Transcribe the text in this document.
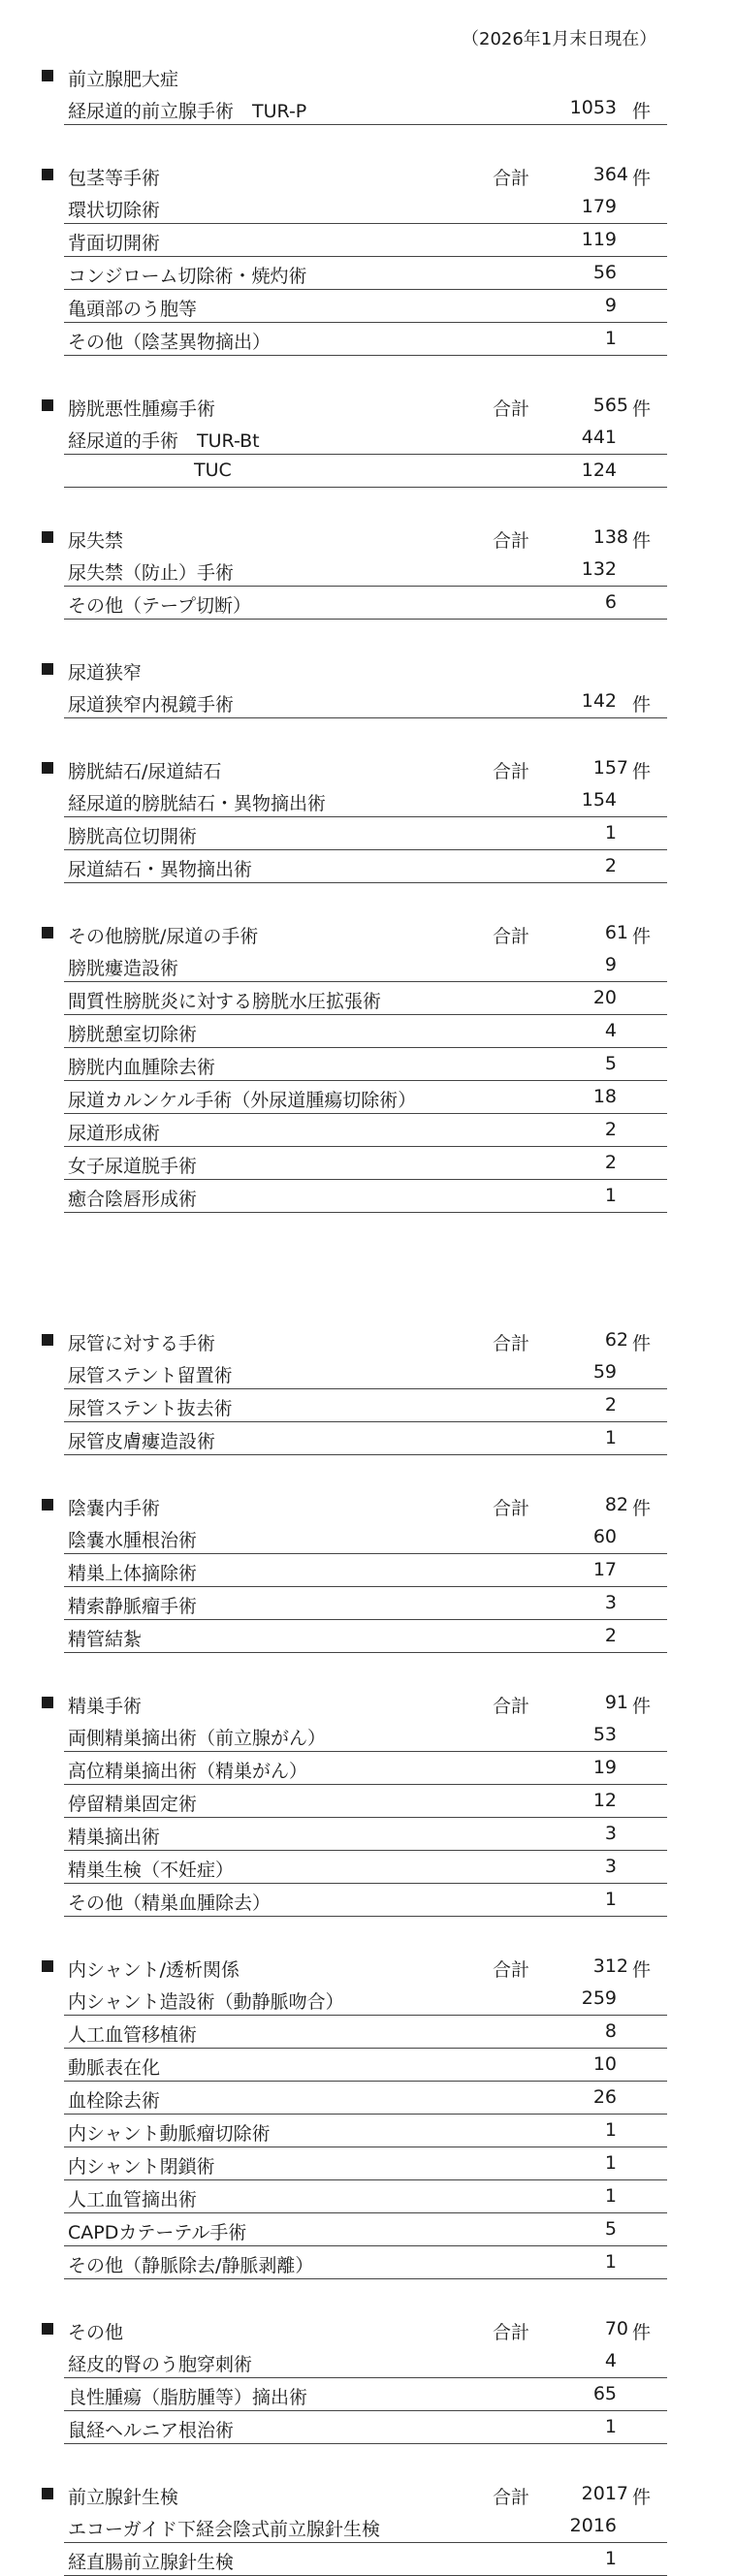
（2026年1月末日現在）
前立腺肥大症
経尿道的前立腺手術　TUR-P	1053 件
包茎等手術	合計	364 件
環状切除術	179
背面切開術	119
コンジローム切除術・焼灼術	56
亀頭部のう胞等	9
その他（陰茎異物摘出）	1
膀胱悪性腫瘍手術	合計	565 件
経尿道的手術　TUR-Bt	441
TUC	124
尿失禁	合計	138 件
尿失禁（防止）手術	132
その他（テープ切断）	6
尿道狭窄
尿道狭窄内視鏡手術	142 件
膀胱結石/尿道結石	合計	157 件
経尿道的膀胱結石・異物摘出術	154
膀胱高位切開術	1
尿道結石・異物摘出術	2
その他膀胱/尿道の手術	合計	61 件
膀胱瘻造設術	9
間質性膀胱炎に対する膀胱水圧拡張術	20
膀胱憩室切除術	4
膀胱内血腫除去術	5
尿道カルンケル手術（外尿道腫瘍切除術）	18
尿道形成術	2
女子尿道脱手術	2
癒合陰唇形成術	1
尿管に対する手術	合計	62 件
尿管ステント留置術	59
尿管ステント抜去術	2
尿管皮膚瘻造設術	1
陰嚢内手術	合計	82 件
陰嚢水腫根治術	60
精巣上体摘除術	17
精索静脈瘤手術	3
精管結紮	2
精巣手術	合計	91 件
両側精巣摘出術（前立腺がん）	53
高位精巣摘出術（精巣がん）	19
停留精巣固定術	12
精巣摘出術	3
精巣生検（不妊症）	3
その他（精巣血腫除去）	1
内シャント/透析関係	合計	312 件
内シャント造設術（動静脈吻合）	259
人工血管移植術	8
動脈表在化	10
血栓除去術	26
内シャント動脈瘤切除術	1
内シャント閉鎖術	1
人工血管摘出術	1
CAPDカテーテル手術	5
その他（静脈除去/静脈剥離）	1
その他	合計	70 件
経皮的腎のう胞穿刺術	4
良性腫瘍（脂肪腫等）摘出術	65
鼠経ヘルニア根治術	1
前立腺針生検	合計	2017 件
エコーガイド下経会陰式前立腺針生検	2016
経直腸前立腺針生検	1
